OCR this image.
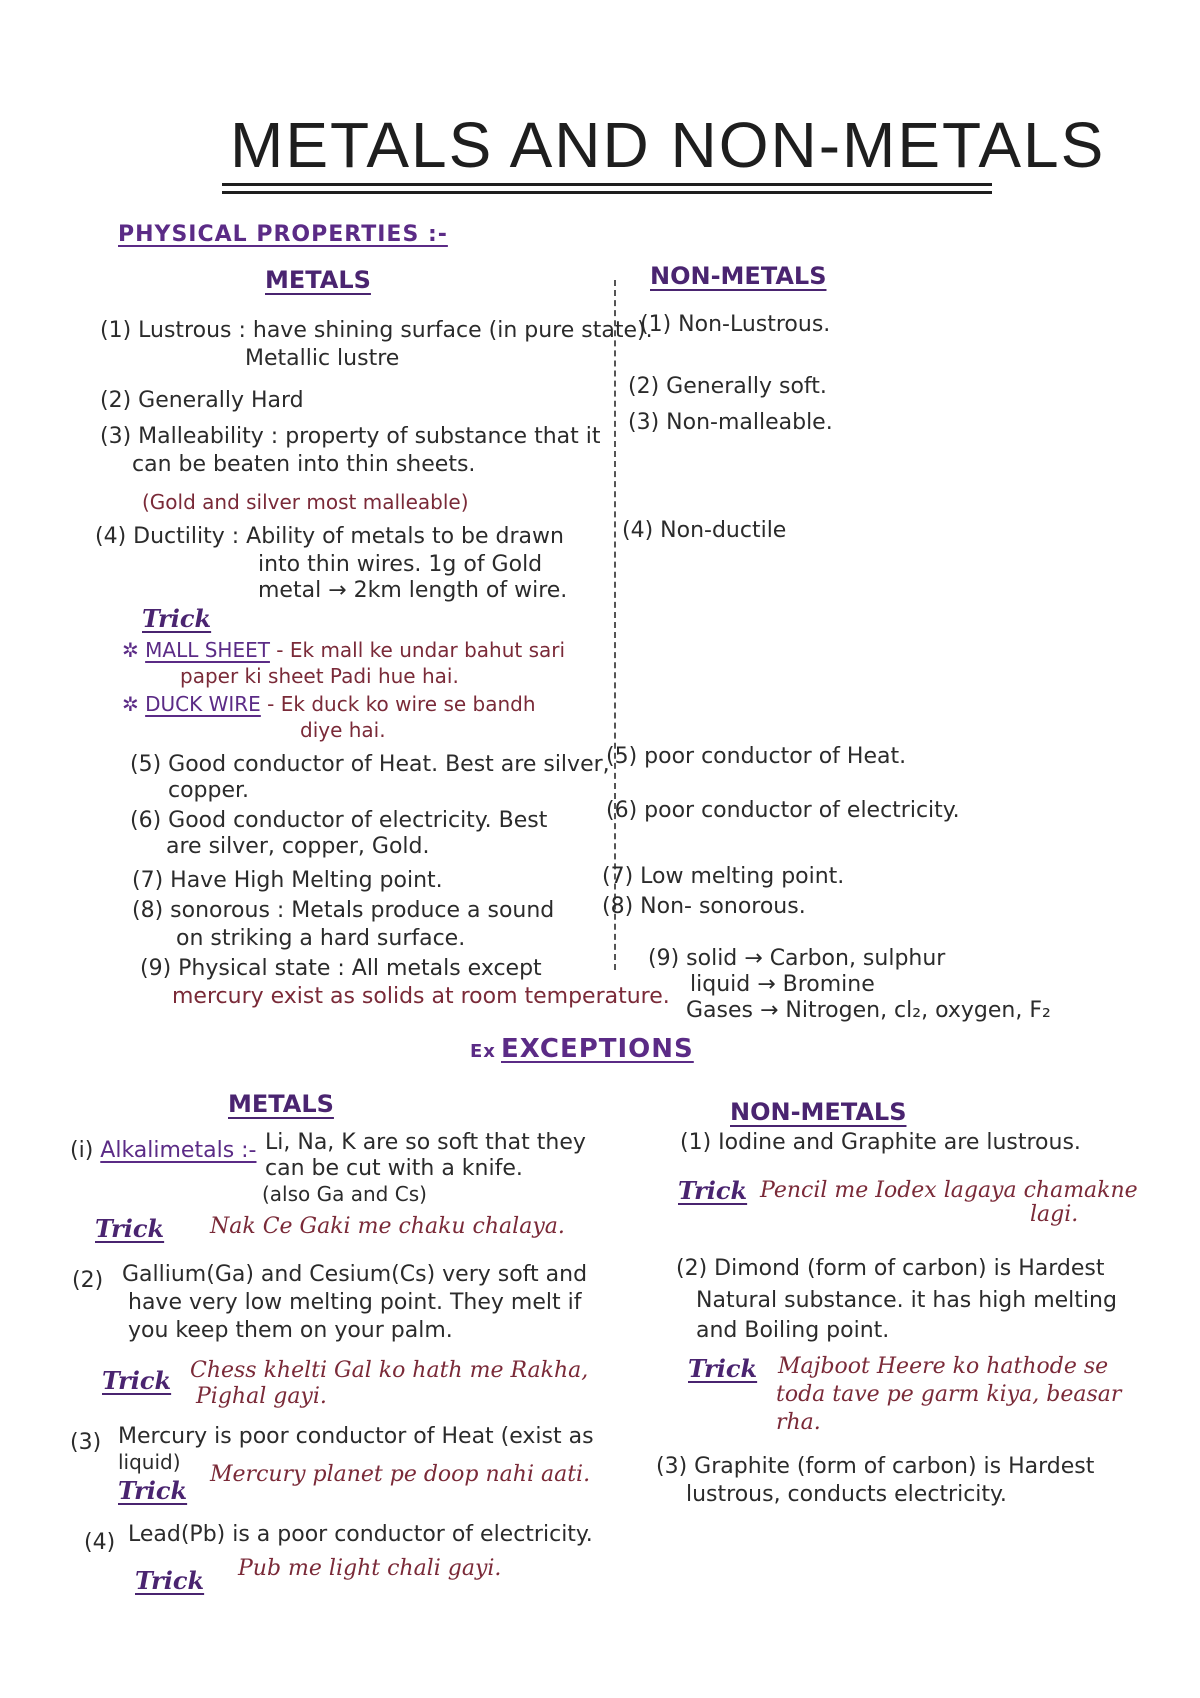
METALS AND NON-METALS
PHYSICAL PROPERTIES :-
METALS	NON-METALS
(1) Lustrous : have shining surface (in pure state).
Metallic lustre
(2) Generally Hard
(3) Malleability : property of substance that it
can be beaten into thin sheets.
(Gold and silver most malleable)
(4) Ductility : Ability of metals to be drawn
into thin wires. 1g of Gold
metal → 2km length of wire.
Trick
✲ MALL SHEET - Ek mall ke undar bahut sari
paper ki sheet Padi hue hai.
✲ DUCK WIRE - Ek duck ko wire se bandh
diye hai.
(5) Good conductor of Heat. Best are silver,
copper.
(6) Good conductor of electricity. Best
are silver, copper, Gold.
(7) Have High Melting point.
(8) sonorous : Metals produce a sound
on striking a hard surface.
(9) Physical state : All metals except
mercury exist as solids at room temperature.
(1) Non-Lustrous.
(2) Generally soft.
(3) Non-malleable.
(4) Non-ductile
(5) poor conductor of Heat.
(6) poor conductor of electricity.
(7) Low melting point.
(8) Non- sonorous.
(9) solid → Carbon, sulphur
liquid → Bromine
Gases → Nitrogen, cl₂, oxygen, F₂
Ex EXCEPTIONS
METALS	NON-METALS
(i) Alkalimetals :- Li, Na, K are so soft that they
can be cut with a knife.
(also Ga and Cs)
Trick Nak Ce Gaki me chaku chalaya.
(2) Gallium(Ga) and Cesium(Cs) very soft and
have very low melting point. They melt if
you keep them on your palm.
Trick Chess khelti Gal ko hath me Rakha,
Pighal gayi.
(3) Mercury is poor conductor of Heat (exist as
liquid)
Trick
Mercury planet pe doop nahi aati.
(4) Lead(Pb) is a poor conductor of electricity.
Trick Pub me light chali gayi.
(1) Iodine and Graphite are lustrous.
Trick Pencil me Iodex lagaya chamakne
lagi.
(2) Dimond (form of carbon) is Hardest
Natural substance. it has high melting
and Boiling point.
Trick Majboot Heere ko hathode se
toda tave pe garm kiya, beasar
rha.
(3) Graphite (form of carbon) is Hardest
lustrous, conducts electricity.
